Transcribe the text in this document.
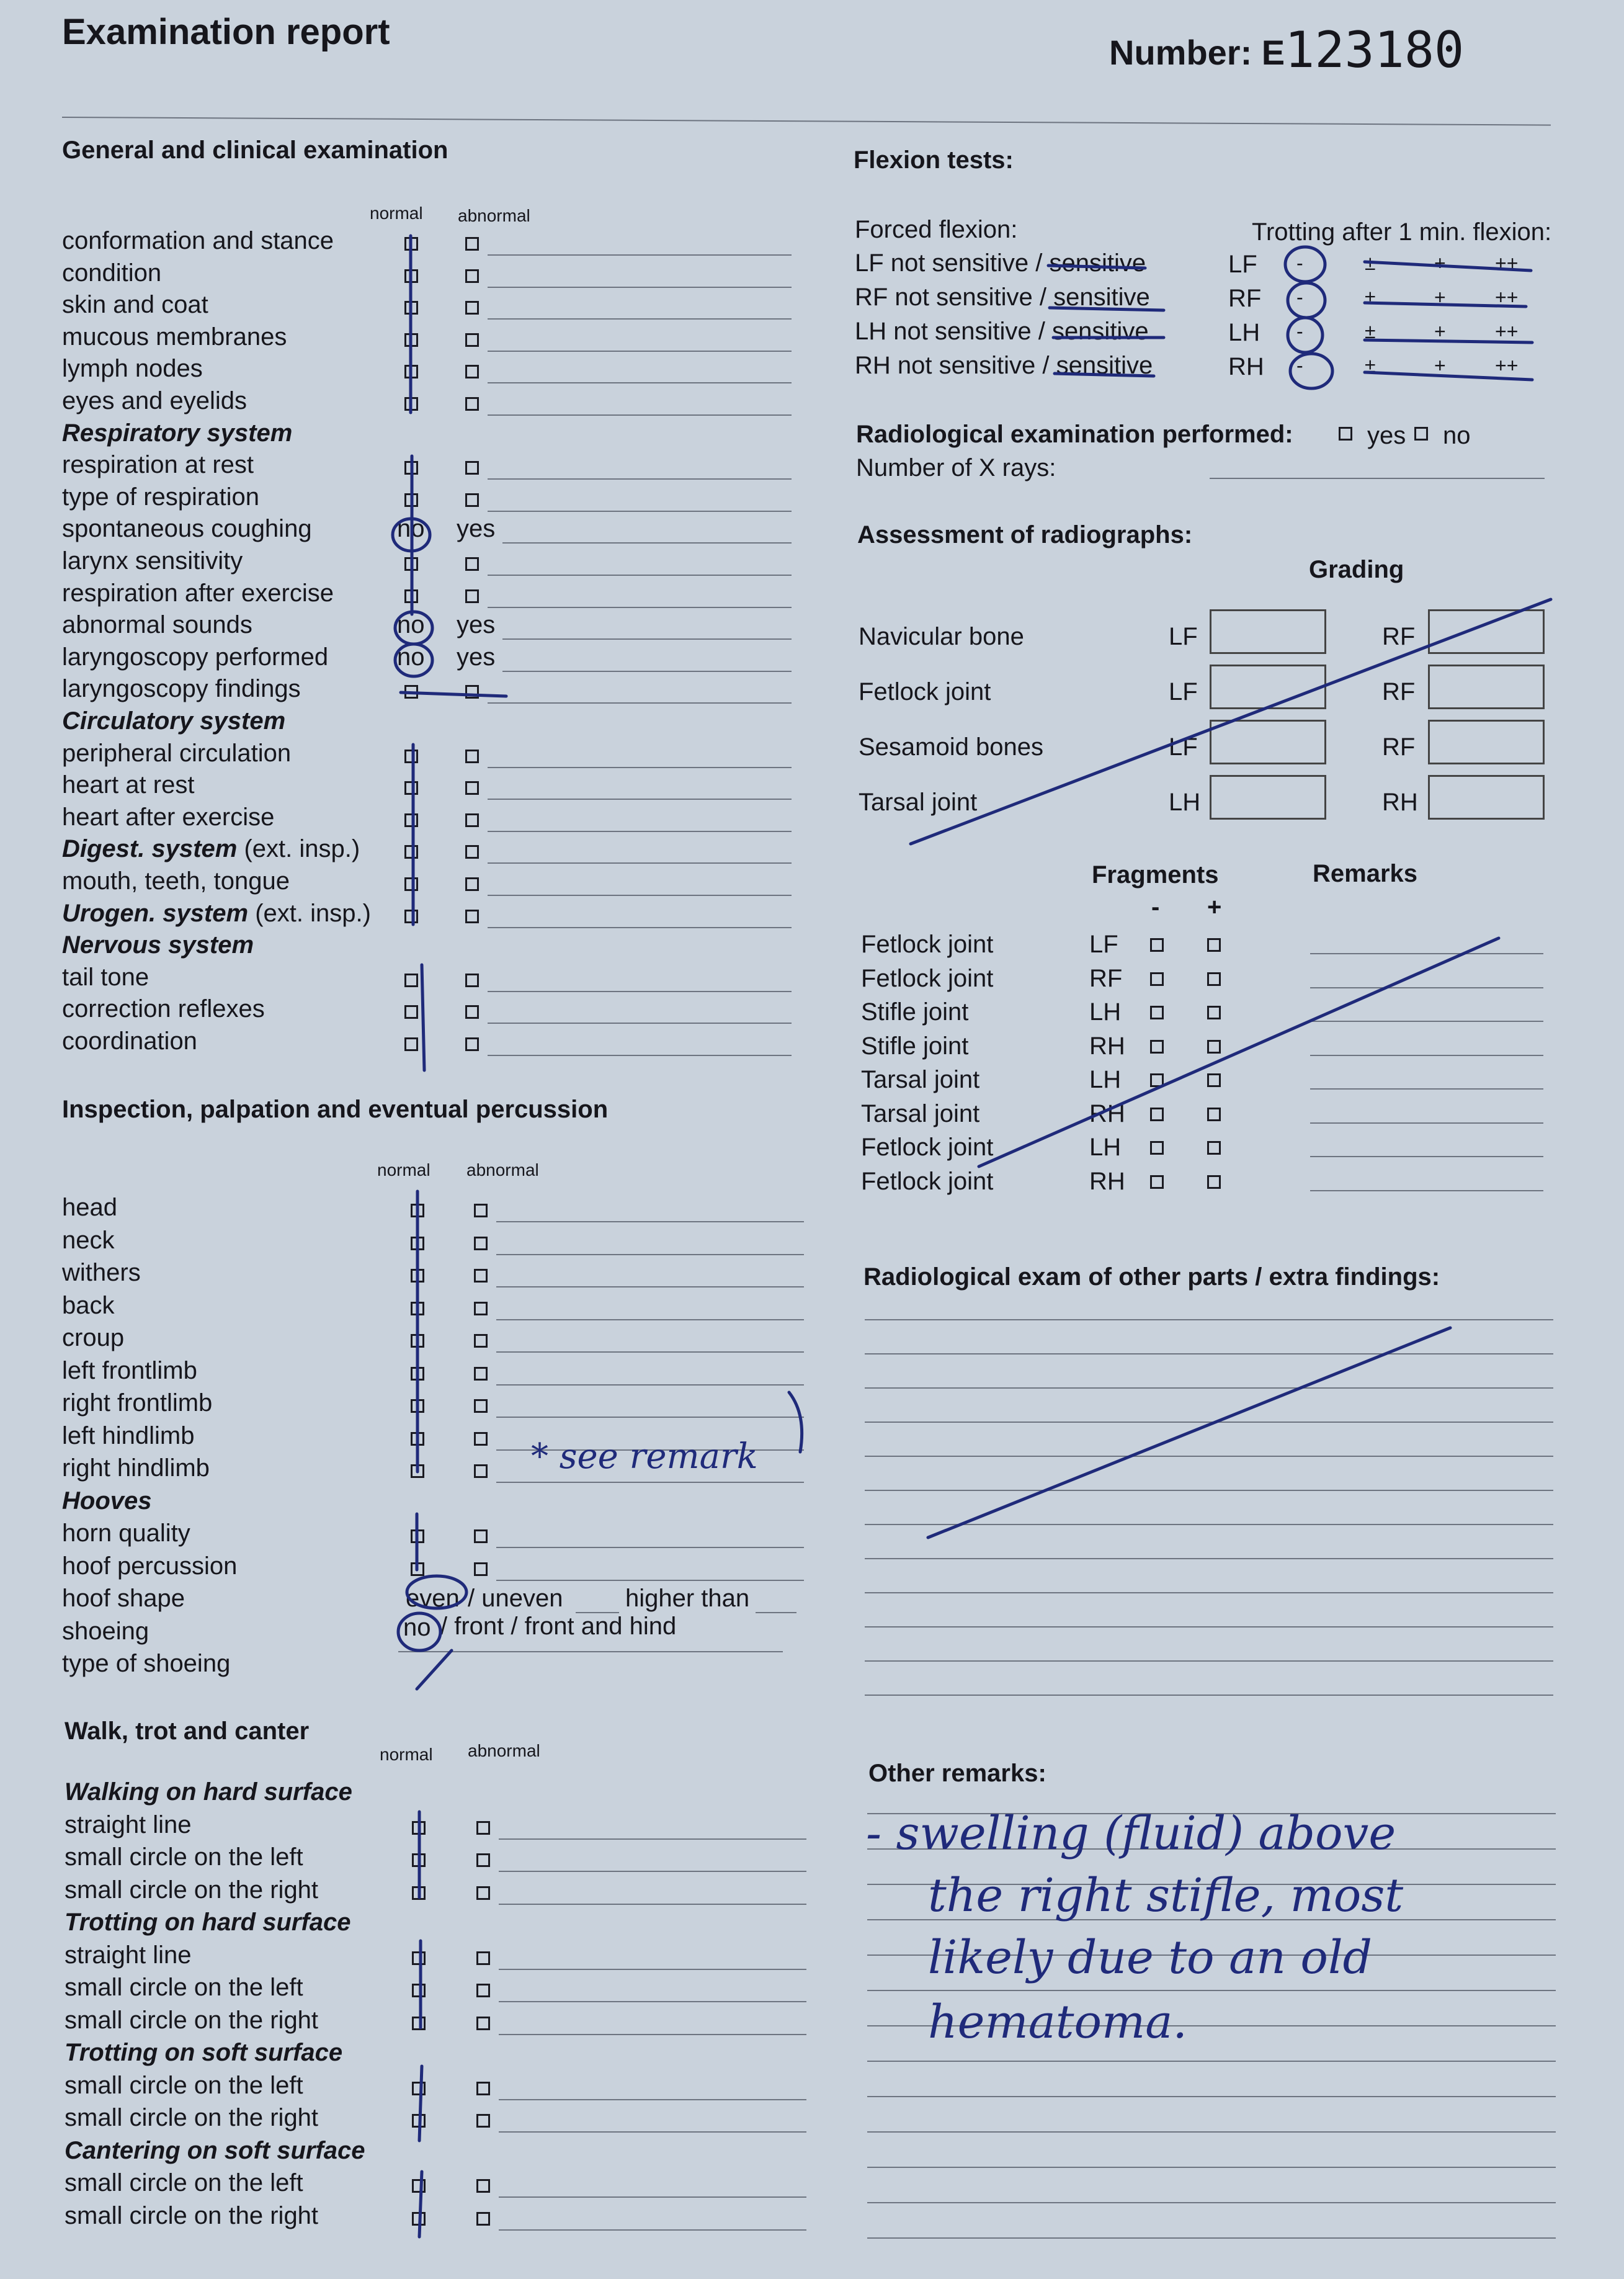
Examination report
Number: E123180
General and clinical examination
normal abnormal
conformation and stance
condition
skin and coat
mucous membranes
lymph nodes
eyes and eyelids
Respiratory system
respiration at rest
type of respiration
spontaneous coughing	no yes
larynx sensitivity
respiration after exercise
abnormal sounds	no yes
laryngoscopy performed	no yes
laryngoscopy findings
Circulatory system
peripheral circulation
heart at rest
heart after exercise
Digest. system (ext. insp.)
mouth, teeth, tongue
Urogen. system (ext. insp.)
Nervous system
tail tone
correction reflexes
coordination
Inspection, palpation and eventual percussion
normal abnormal
head
neck
withers
back
croup
left frontlimb
right frontlimb
left hindlimb
right hindlimb
Hooves
horn quality
hoof percussion
hoof shape	even / uneven	higher than
shoeing	no / front / front and hind
type of shoeing
Walk, trot and canter
normal abnormal
Walking on hard surface
straight line
small circle on the left
small circle on the right
Trotting on hard surface
straight line
small circle on the left
small circle on the right
Trotting on soft surface
small circle on the left
small circle on the right
Cantering on soft surface
small circle on the left
small circle on the right
Flexion tests:
Forced flexion:	Trotting after 1 min. flexion:
LF not sensitive / sensitive	LF -	±	+ ++
RF not sensitive / sensitive	RF -	±	+ ++
LH not sensitive / sensitive	LH -	±	+ ++
RH not sensitive / sensitive	RH -	±	+ ++
Radiological examination performed:	yes no
Number of X rays:
Assessment of radiographs:
Grading
Navicular bone	LF	RF
Fetlock joint	LF	RF
Sesamoid bones	LF	RF
Tarsal joint	LH	RH
Fragments	Remarks
- +
Fetlock joint	LF
Fetlock joint	RF
Stifle joint	LH
Stifle joint	RH
Tarsal joint	LH
Tarsal joint	RH
Fetlock joint	LH
Fetlock joint	RH
Radiological exam of other parts / extra findings:
Other remarks:
- swelling (fluid) above
the right stifle, most
likely due to an old
hematoma.
* see remark
